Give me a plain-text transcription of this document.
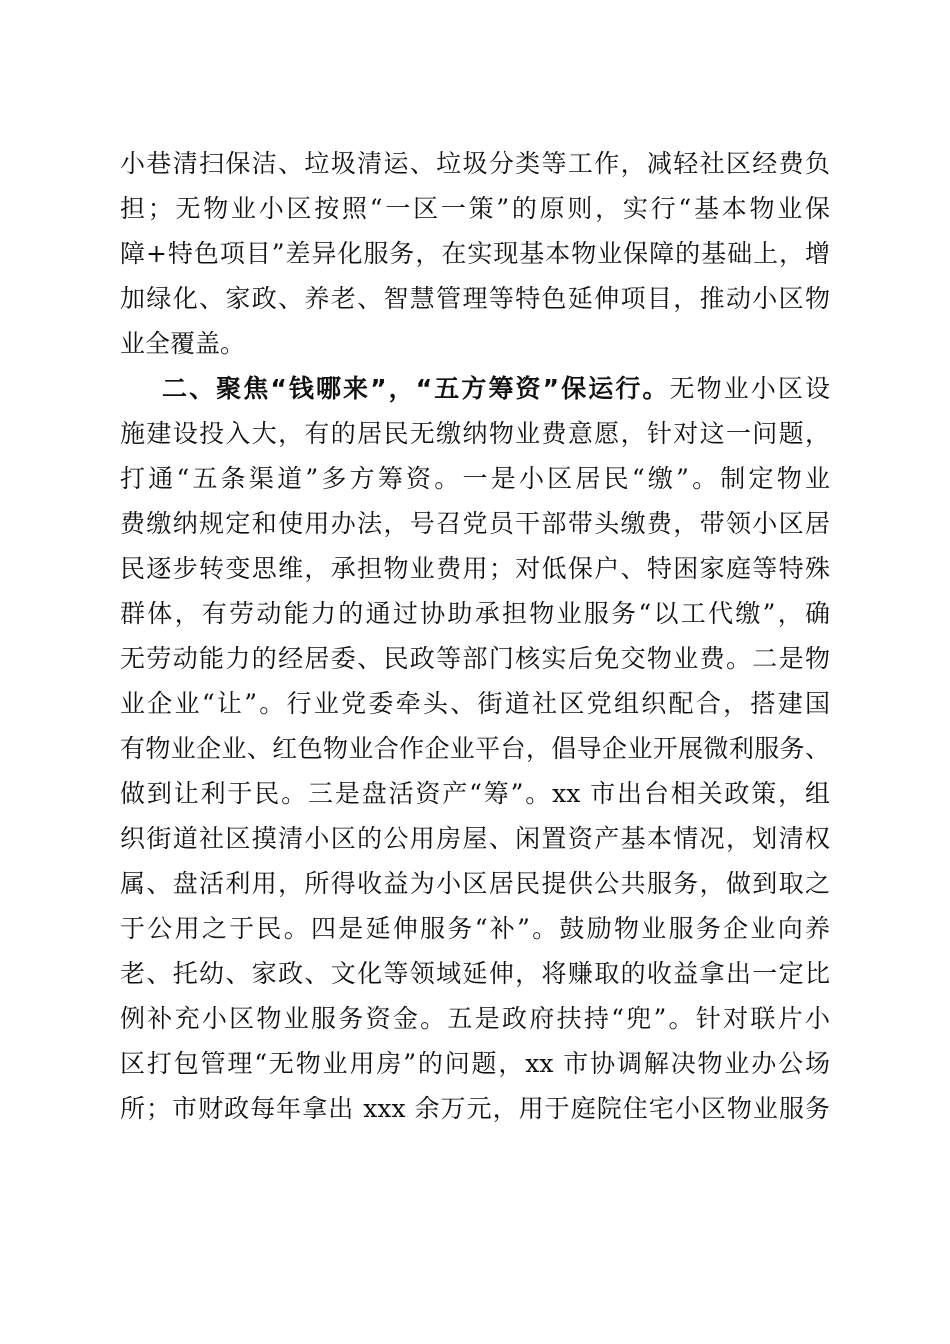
小巷清扫保洁、垃圾清运、垃圾分类等工作，减轻社区经费负
担；无物业小区按照“一区一策”的原则，实行“基本物业保
障+特色项目”差异化服务，在实现基本物业保障的基础上，增
加绿化、家政、养老、智慧管理等特色延伸项目，推动小区物
业全覆盖。
二、聚焦“钱哪来”，“五方筹资”保运行。无物业小区设
施建设投入大，有的居民无缴纳物业费意愿，针对这一问题，
打通“五条渠道”多方筹资。一是小区居民“缴”。制定物业
费缴纳规定和使用办法，号召党员干部带头缴费，带领小区居
民逐步转变思维，承担物业费用；对低保户、特困家庭等特殊
群体，有劳动能力的通过协助承担物业服务“以工代缴”，确
无劳动能力的经居委、民政等部门核实后免交物业费。二是物
业企业“让”。行业党委牵头、街道社区党组织配合，搭建国
有物业企业、红色物业合作企业平台，倡导企业开展微利服务、
做到让利于民。三是盘活资产“筹”。xx 市出台相关政策，组
织街道社区摸清小区的公用房屋、闲置资产基本情况，划清权
属、盘活利用，所得收益为小区居民提供公共服务，做到取之
于公用之于民。四是延伸服务“补”。鼓励物业服务企业向养
老、托幼、家政、文化等领域延伸，将赚取的收益拿出一定比
例补充小区物业服务资金。五是政府扶持“兜”。针对联片小
区打包管理“无物业用房”的问题，xx 市协调解决物业办公场
所；市财政每年拿出 xxx 余万元，用于庭院住宅小区物业服务
